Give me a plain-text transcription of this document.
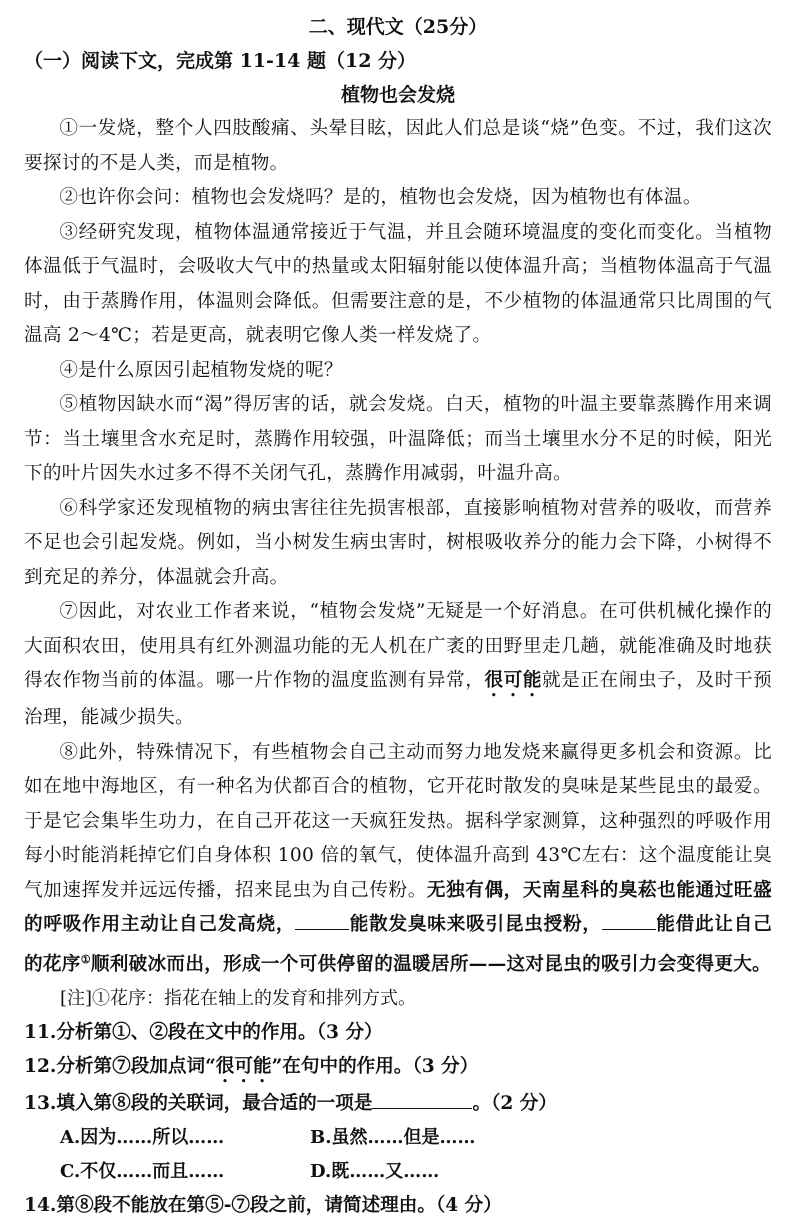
二、现代文（25分）

（一）阅读下文，完成第 11-14 题（12 分）

植物也会发烧

①一发烧，整个人四肢酸痛、头晕目眩，因此人们总是谈“烧”色变。不过，我们这次要探讨的不是人类，而是植物。

②也许你会问：植物也会发烧吗？是的，植物也会发烧，因为植物也有体温。

③经研究发现，植物体温通常接近于气温，并且会随环境温度的变化而变化。当植物体温低于气温时，会吸收大气中的热量或太阳辐射能以使体温升高；当植物体温高于气温时，由于蒸腾作用，体温则会降低。但需要注意的是，不少植物的体温通常只比周围的气温高 2～4℃；若是更高，就表明它像人类一样发烧了。

④是什么原因引起植物发烧的呢？

⑤植物因缺水而“渴”得厉害的话，就会发烧。白天，植物的叶温主要靠蒸腾作用来调节：当土壤里含水充足时，蒸腾作用较强，叶温降低；而当土壤里水分不足的时候，阳光下的叶片因失水过多不得不关闭气孔，蒸腾作用减弱，叶温升高。

⑥科学家还发现植物的病虫害往往先损害根部，直接影响植物对营养的吸收，而营养不足也会引起发烧。例如，当小树发生病虫害时，树根吸收养分的能力会下降，小树得不到充足的养分，体温就会升高。

⑦因此，对农业工作者来说，“植物会发烧”无疑是一个好消息。在可供机械化操作的大面积农田，使用具有红外测温功能的无人机在广袤的田野里走几趟，就能准确及时地获得农作物当前的体温。哪一片作物的温度监测有异常，很可能就是正在闹虫子，及时干预治理，能减少损失。

⑧此外，特殊情况下，有些植物会自己主动而努力地发烧来赢得更多机会和资源。比如在地中海地区，有一种名为伏都百合的植物，它开花时散发的臭味是某些昆虫的最爱。于是它会集毕生功力，在自己开花这一天疯狂发热。据科学家测算，这种强烈的呼吸作用每小时能消耗掉它们自身体积 100 倍的氧气，使体温升高到 43℃左右：这个温度能让臭气加速挥发并远远传播，招来昆虫为自己传粉。无独有偶，天南星科的臭菘也能通过旺盛的呼吸作用主动让自己发高烧，	能散发臭味来吸引昆虫授粉，	能借此让自己的花序①顺利破冰而出，形成一个可供停留的温暖居所——这对昆虫的吸引力会变得更大。

[注]①花序：指花在轴上的发育和排列方式。

11.分析第①、②段在文中的作用。（3 分）

12.分析第⑦段加点词“很可能”在句中的作用。（3 分）

13.填入第⑧段的关联词，最合适的一项是	。（2 分）

A.因为……所以……	B.虽然……但是……
C.不仅……而且……	D.既……又……

14.第⑧段不能放在第⑤-⑦段之前，请简述理由。（4 分）
